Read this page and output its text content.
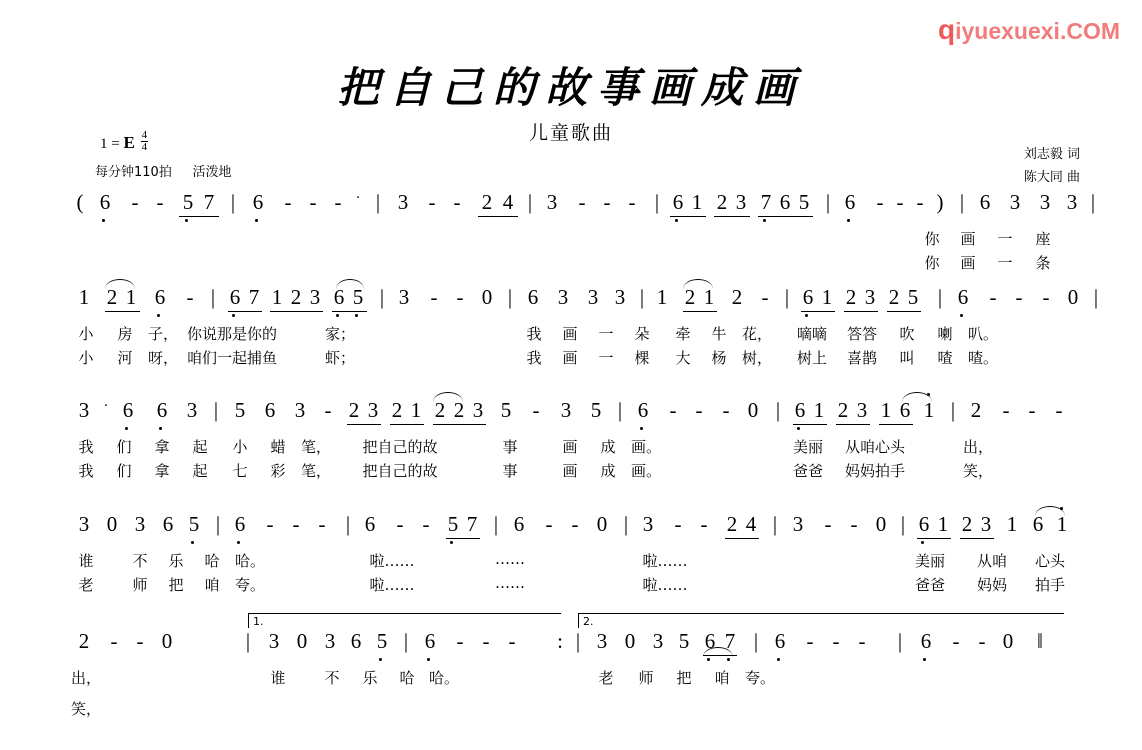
qiyuexuexi.COM
把自己的故事画成画
儿童歌曲
1 = E $\frac{4}{4}$
每分钟110拍 活泼地
刘志毅 词
陈大同 曲
( 6 - - 5 7 | 6 - - - · | 3 - - 2 4 | 3 - - - | 6 1 2 3 7 6 5 | 6 - - - ) | 6 3 3 3 |
你 画 一 座
你 画 一 条
1 2 1 6 - | 6 7 1 2 3 6 5 | 3 - - 0 | 6 3 3 3 | 1 2 1 2 - | 6 1 2 3 2 5 | 6 - - - 0 |
小 房 子， 你说那是你的	家；	我 画 一 朵 牵 牛 花， 嘀嘀 答答 吹 喇 叭。
小 河 呀， 咱们一起捕鱼	虾；	我 画 一 棵 大 杨 树， 树上 喜鹊 叫 喳 喳。
3 · 6 6 3 | 5 6 3 - 2 3 2 1 2 2 3 5 - 3 5 | 6 - - - 0 | 6 1 2 3 1 6 1 | 2 - - -
我 们 拿 起 小 蜡 笔， 把自己的故	事	画 成 画。	美丽 从咱心头	出，
我 们 拿 起 七 彩 笔， 把自己的故	事	画 成 画。	爸爸 妈妈拍手	笑，
3 0 3 6 5 | 6 - - - | 6 - - 5 7 | 6 - - 0 | 3 - - 2 4 | 3 - - 0 | 6 1 2 3 1 6 1
谁	不 乐 哈 哈。	啦……	……	啦……	美丽 从咱 心头
老	师 把 咱 夸。	啦……	……	啦……	爸爸 妈妈 拍手
1.	2.
2 - - 0	| 3 0 3 6 5 | 6 - - - : | 3 0 3 5 6 7 | 6 - - - | 6 - - 0 ‖
出，	谁	不 乐 哈 哈。	老 师 把 咱 夸。
笑，
